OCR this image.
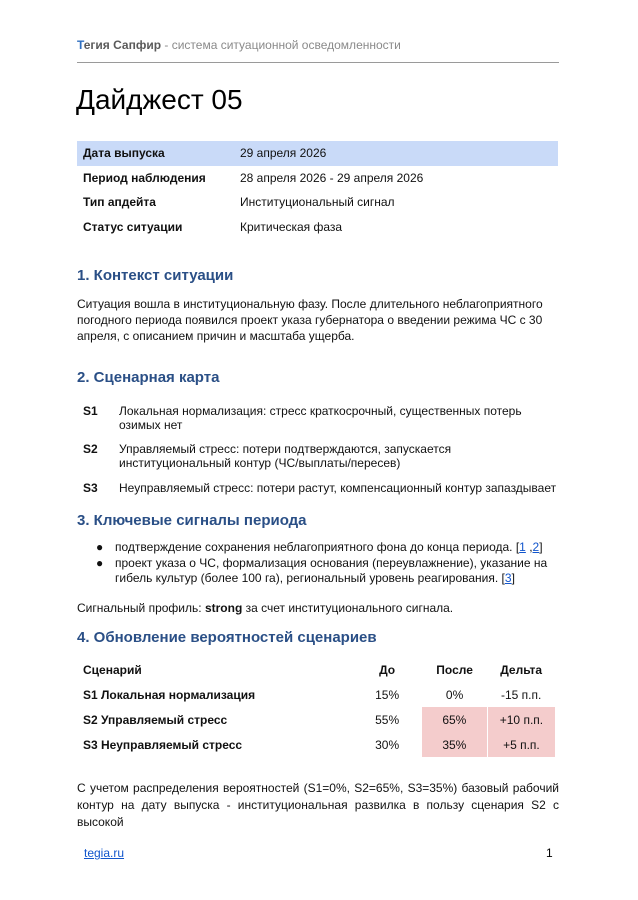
Тегия Сапфир - система ситуационной осведомленности
Дайджест 05
Дата выпуска	29 апреля 2026
Период наблюдения	28 апреля 2026 - 29 апреля 2026
Тип апдейта	Институциональный сигнал
Статус ситуации	Критическая фаза
1. Контекст ситуации

Ситуация вошла в институциональную фазу. После длительного неблагоприятного погодного периода появился проект указа губернатора о введении режима ЧС с 30 апреля, с описанием причин и масштаба ущерба.

2. Сценарная карта
S1 Локальная нормализация: стресс краткосрочный, существенных потерь озимых нет
S2 Управляемый стресс: потери подтверждаются, запускается институциональный контур (ЧС/выплаты/пересев)
S3 Неуправляемый стресс: потери растут, компенсационный контур запаздывает
3. Ключевые сигналы периода
● подтверждение сохранения неблагоприятного фона до конца периода. [1 ,2]
● проект указа о ЧС, формализация основания (переувлажнение), указание на гибель культур (более 100 га), региональный уровень реагирования. [3]

Сигнальный профиль: strong за счет институционального сигнала.

4. Обновление вероятностей сценариев
Сценарий	До	После	Дельта
S1 Локальная нормализация	15%	0%	-15 п.п.
S2 Управляемый стресс	55%	65%	+10 п.п.
S3 Неуправляемый стресс	30%	35%	+5 п.п.

С учетом распределения вероятностей (S1=0%, S2=65%, S3=35%) базовый рабочий контур на дату выпуска - институциональная развилка в пользу сценария S2 с высокой

tegia.ru	1
